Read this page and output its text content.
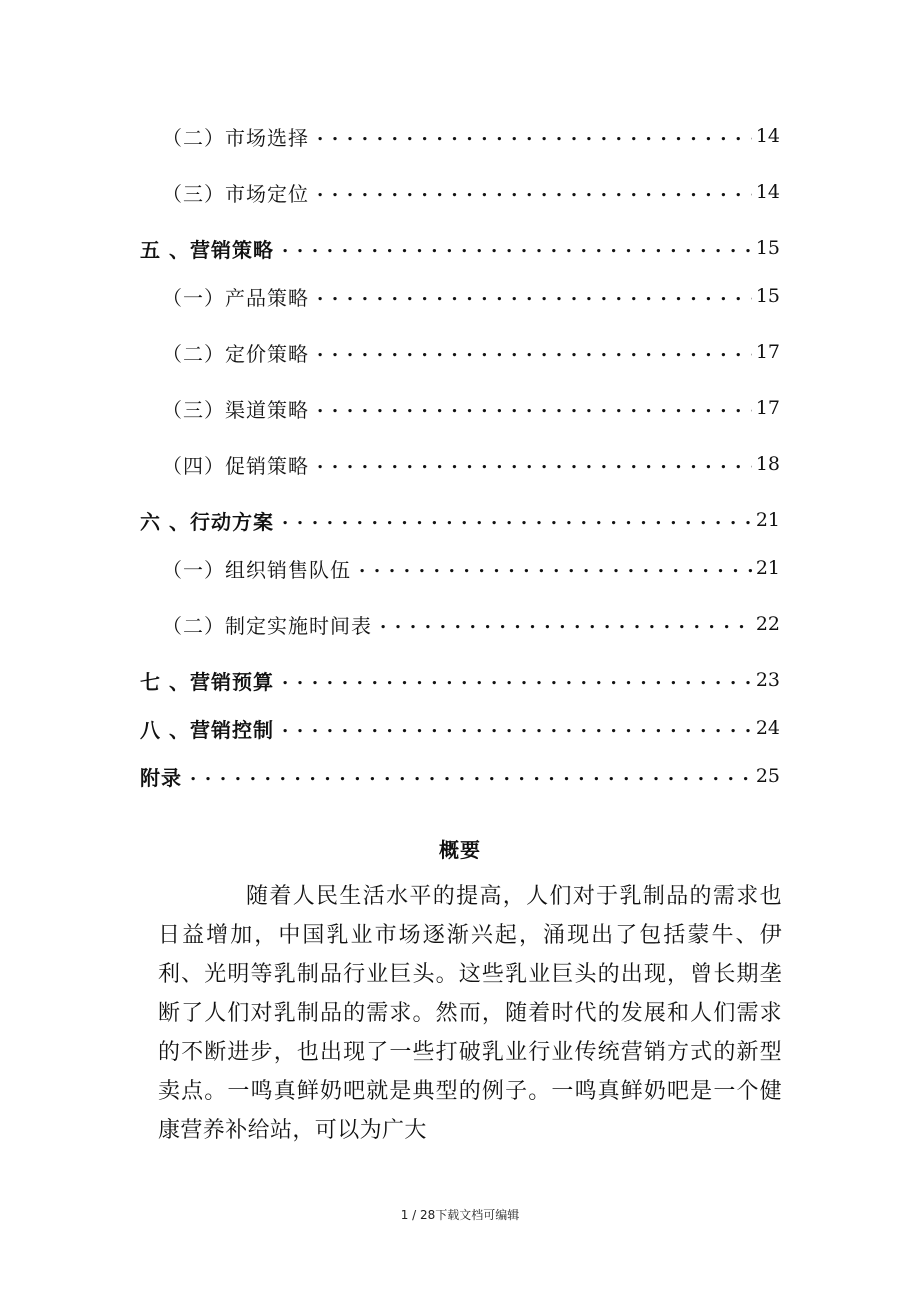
（二）市场选择 . . .	14
（三）市场定位 . . .	14
五 、营销策略 . . .	15
（一）产品策略 . . .	15
（二）定价策略 . . .	17
（三）渠道策略 . . .	17
（四）促销策略 . . .	18
六 、行动方案 . . .	21
（一）组织销售队伍 . . .	21
（二）制定实施时间表 . . .	22
七 、营销预算 . . .	23
八 、营销控制 . . .	24
附录 . . .	25
概要
随着人民生活水平的提高，人们对于乳制品的需求也日益增加，中国乳业市场逐渐兴起，涌现出了包括蒙牛、伊利、光明等乳制品行业巨头。这些乳业巨头的出现，曾长期垄断了人们对乳制品的需求。然而，随着时代的发展和人们需求的不断进步，也出现了一些打破乳业行业传统营销方式的新型卖点。一鸣真鲜奶吧就是典型的例子。一鸣真鲜奶吧是一个健康营养补给站，可以为广大
1 / 28下载文档可编辑
